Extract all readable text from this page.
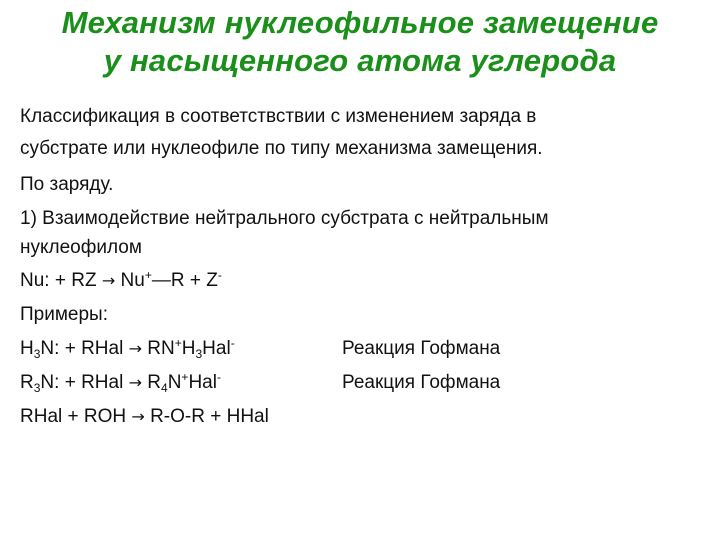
Механизм нуклеофильное замещение
у насыщенного атома углерода
Классификация в соответствствии с изменением заряда в
субстрате или нуклеофиле по типу механизма замещения.
По заряду.
1) Взаимодействие нейтрального субстрата с нейтральным
нуклеофилом
Nu: + RZ → Nu+—R + Z-
Примеры:
$H_3N$: + RHal → $RN^+H_3Hal^-$	Реакция Гофмана
$R_3N$: + RHal → $R_4N^+Hal^-$	Реакция Гофмана
RHal + ROH → R-O-R + HHal
